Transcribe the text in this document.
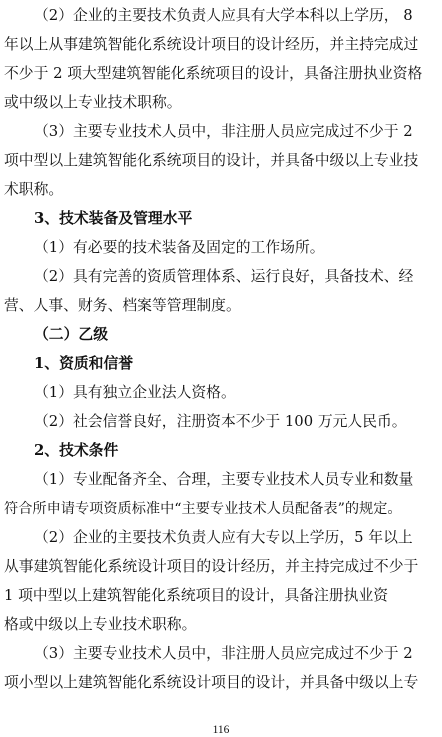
（2）企业的主要技术负责人应具有大学本科以上学历， 8
年以上从事建筑智能化系统设计项目的设计经历，并主持完成过
不少于 2 项大型建筑智能化系统项目的设计，具备注册执业资格
或中级以上专业技术职称。
（3）主要专业技术人员中，非注册人员应完成过不少于 2
项中型以上建筑智能化系统项目的设计，并具备中级以上专业技
术职称。
3、技术装备及管理水平
（1）有必要的技术装备及固定的工作场所。
（2）具有完善的资质管理体系、运行良好，具备技术、经
营、人事、财务、档案等管理制度。
（二）乙级
1、资质和信誉
（1）具有独立企业法人资格。
（2）社会信誉良好，注册资本不少于 100 万元人民币。
2、技术条件
（1）专业配备齐全、合理，主要专业技术人员专业和数量
符合所申请专项资质标准中“主要专业技术人员配备表”的规定。
（2）企业的主要技术负责人应有大专以上学历，5 年以上
从事建筑智能化系统设计项目的设计经历，并主持完成过不少于
1 项中型以上建筑智能化系统项目的设计，具备注册执业资
格或中级以上专业技术职称。
（3）主要专业技术人员中，非注册人员应完成过不少于 2
项小型以上建筑智能化系统设计项目的设计，并具备中级以上专
116
